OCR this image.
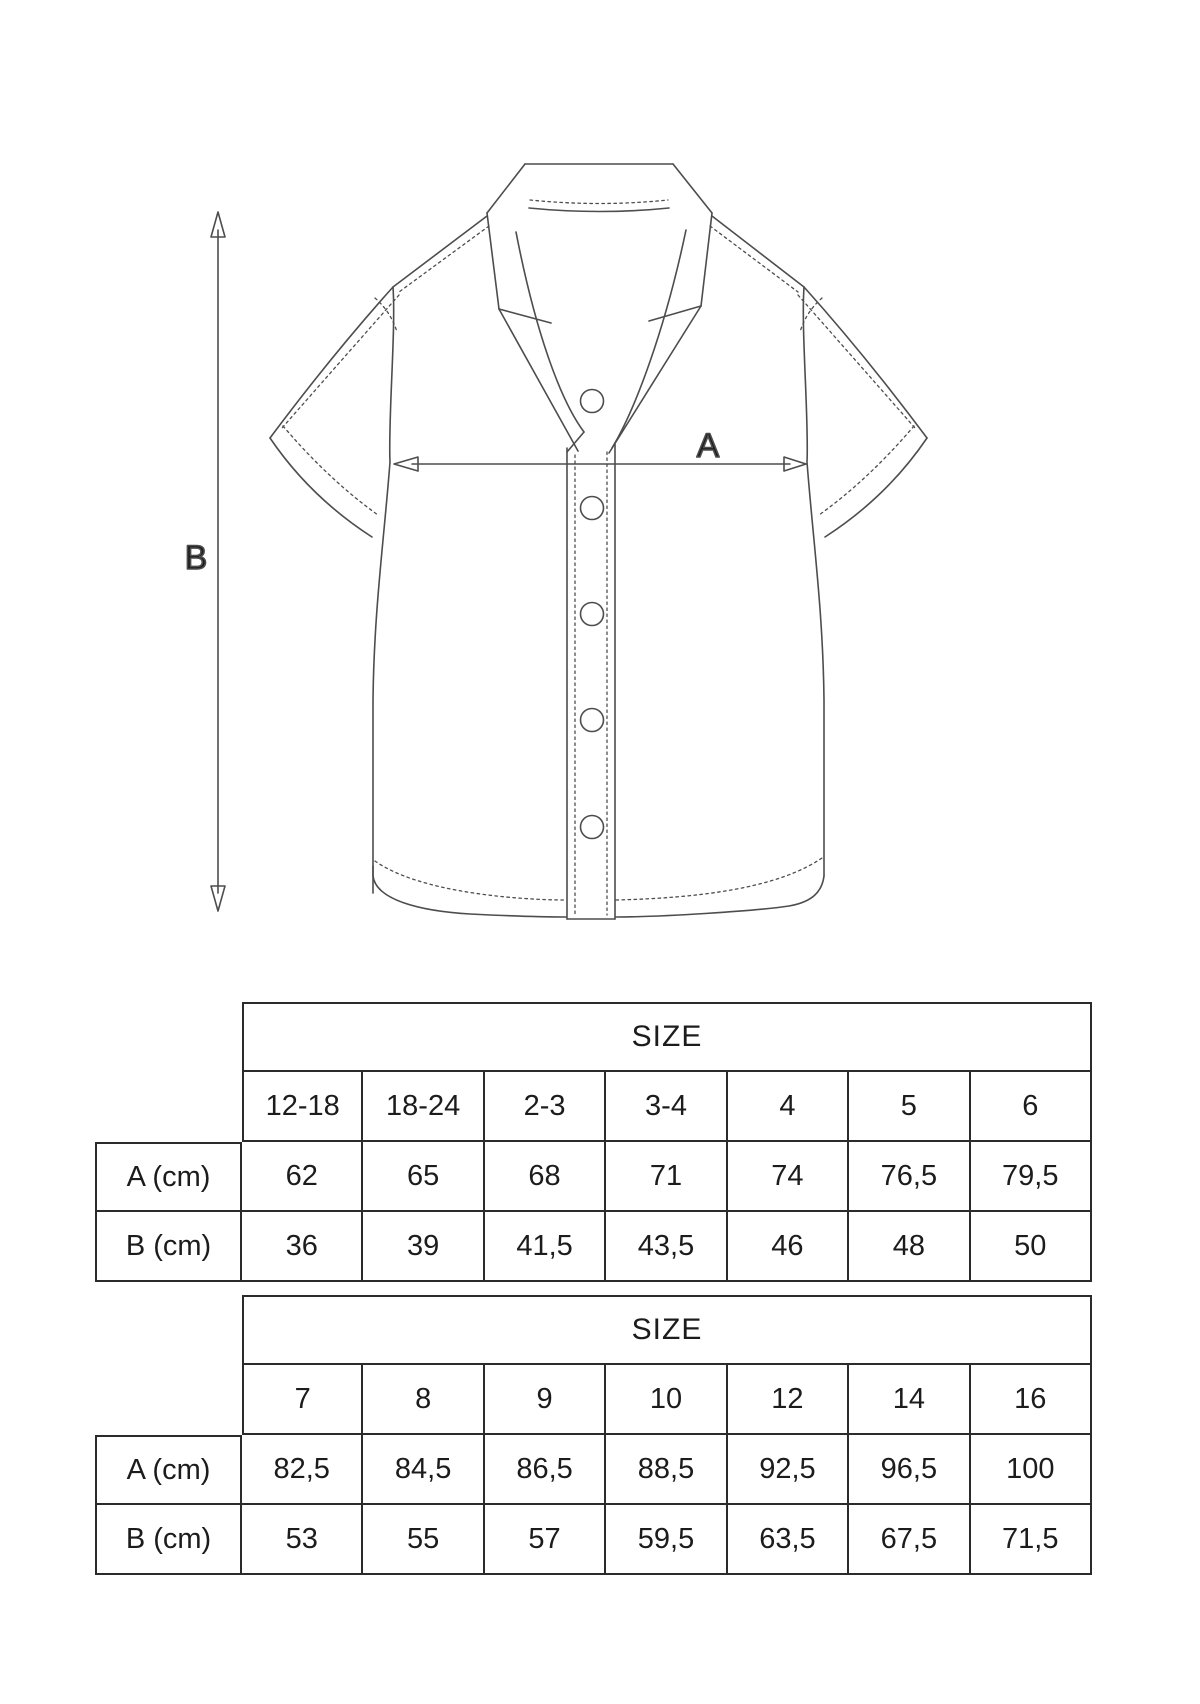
B
A
SIZE
12-18	18-24	2-3	3-4	4	5	6
A (cm)	62	65	68	71	74	76,5	79,5
B (cm)	36	39	41,5	43,5	46	48	50
SIZE
7	8	9	10	12	14	16
A (cm)	82,5	84,5	86,5	88,5	92,5	96,5	100
B (cm)	53	55	57	59,5	63,5	67,5	71,5
